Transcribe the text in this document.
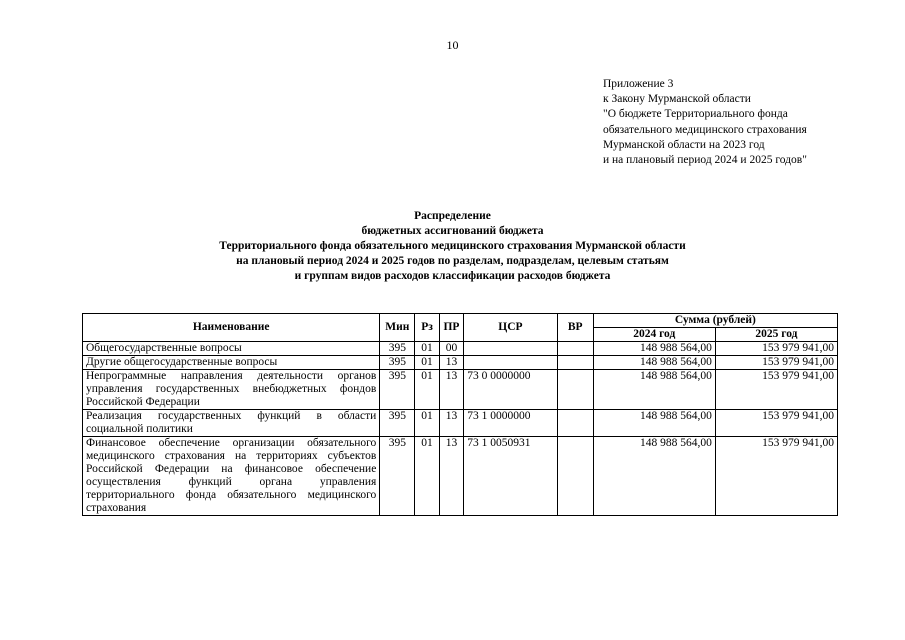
10
Приложение 3
к Закону Мурманской области
"О бюджете Территориального фонда
обязательного медицинского страхования
Мурманской области на 2023 год
и на плановый период 2024 и 2025 годов"
Распределение
бюджетных ассигнований бюджета
Территориального фонда обязательного медицинского страхования Мурманской области
на плановый период 2024 и 2025 годов по разделам, подразделам, целевым статьям
и группам видов расходов классификации расходов бюджета
Наименование	Мин	Рз	ПР	ЦСР	ВР	Сумма (рублей)	
						2024 год	2025 год
Общегосударственные вопросы	395	01	00			148 988 564,00	153 979 941,00
Другие общегосударственные вопросы	395	01	13			148 988 564,00	153 979 941,00
Непрограммные направления деятельности органов управления государственных внебюджетных фондов Российской Федерации	395	01	13	73 0 0000000		148 988 564,00	153 979 941,00
Реализация государственных функций в области социальной политики	395	01	13	73 1 0000000		148 988 564,00	153 979 941,00
Финансовое обеспечение организации обязательного медицинского страхования на территориях субъектов Российской Федерации на финансовое обеспечение осуществления функций органа управления территориального фонда обязательного медицинского страхования	395	01	13	73 1 0050931		148 988 564,00	153 979 941,00
